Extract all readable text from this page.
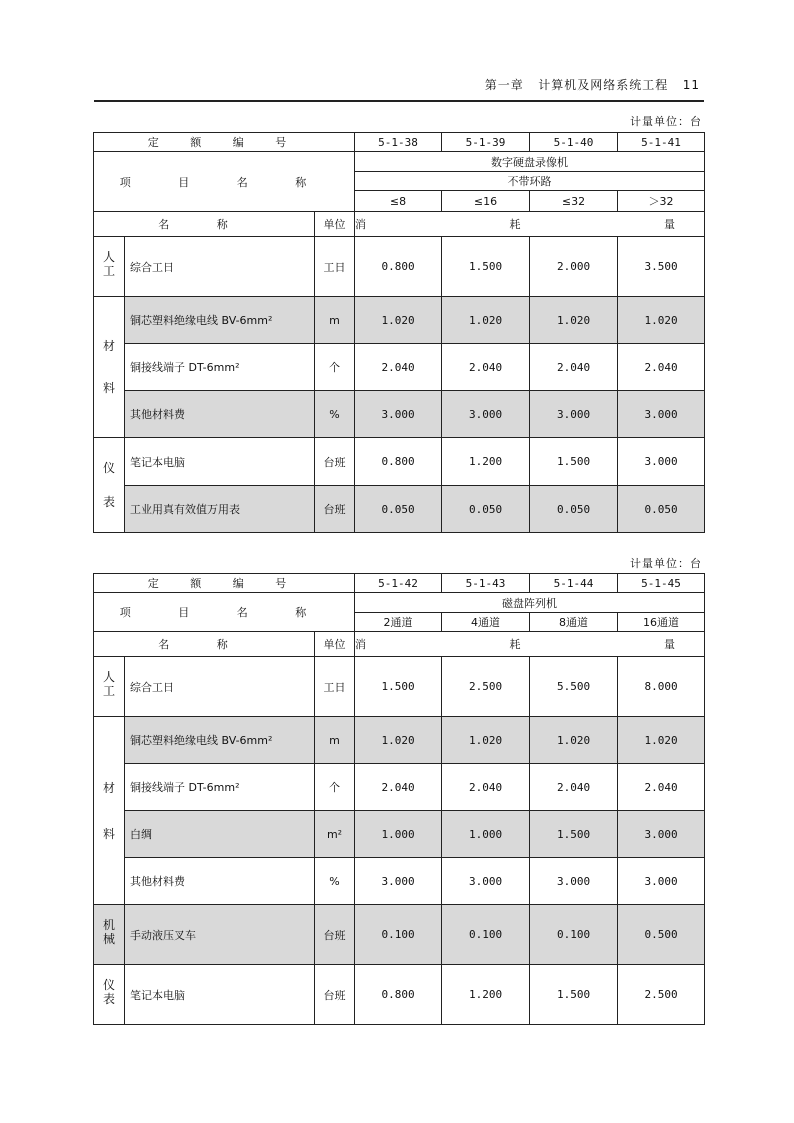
第一章 计算机及网络系统工程 11
计量单位：台
定 额 编 号			5-1-38	5-1-39	5-1-40	5-1-41
项 目 名 称			数字硬盘录像机			
			不带环路			
			≤8	≤16	≤32	＞32
名 称		单位	消 耗 量			
人工	综合工日	工日	0.800	1.500	2.000	3.500
材料	铜芯塑料绝缘电线 BV-6mm²	m	1.020	1.020	1.020	1.020
	铜接线端子 DT-6mm²	个	2.040	2.040	2.040	2.040
	其他材料费	%	3.000	3.000	3.000	3.000
仪表	笔记本电脑	台班	0.800	1.200	1.500	3.000
	工业用真有效值万用表	台班	0.050	0.050	0.050	0.050
计量单位：台
定 额 编 号			5-1-42	5-1-43	5-1-44	5-1-45
项 目 名 称			磁盘阵列机			
			2通道	4通道	8通道	16通道
名 称		单位	消 耗 量			
人工	综合工日	工日	1.500	2.500	5.500	8.000
材料	铜芯塑料绝缘电线 BV-6mm²	m	1.020	1.020	1.020	1.020
	铜接线端子 DT-6mm²	个	2.040	2.040	2.040	2.040
	白绸	m²	1.000	1.000	1.500	3.000
	其他材料费	%	3.000	3.000	3.000	3.000
机械	手动液压叉车	台班	0.100	0.100	0.100	0.500
仪表	笔记本电脑	台班	0.800	1.200	1.500	2.500
